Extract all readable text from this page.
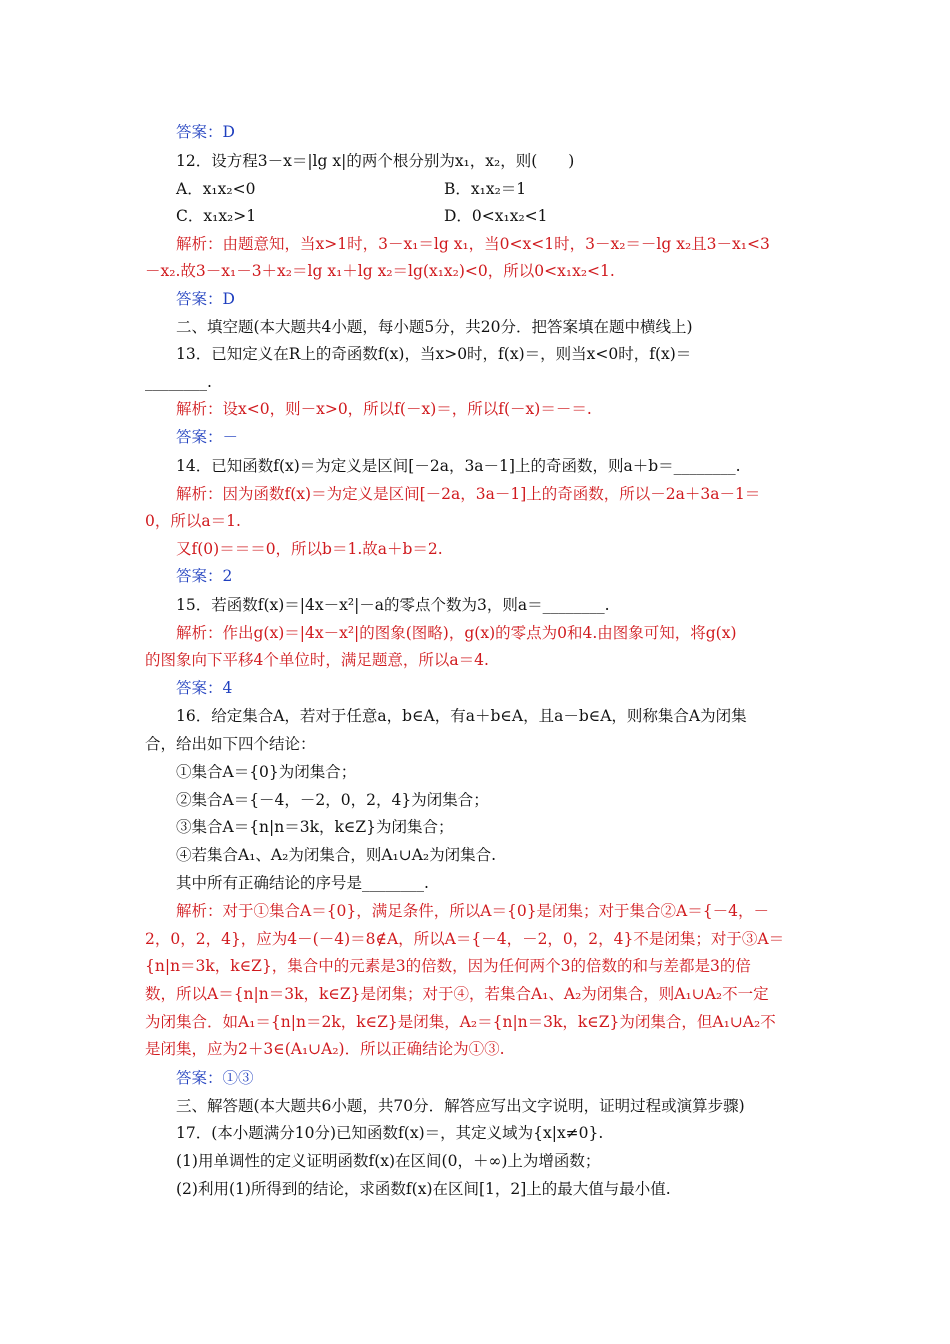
答案：D
12．设方程3－x＝|lg x|的两个根分别为x₁，x₂，则(　　)
A．x₁x₂<0	B．x₁x₂＝1
C．x₁x₂>1	D．0<x₁x₂<1
解析：由题意知，当x>1时，3－x₁＝lg x₁，当0<x<1时，3－x₂＝－lg x₂且3－x₁<3
－x₂.故3－x₁－3＋x₂＝lg x₁＋lg x₂＝lg(x₁x₂)<0，所以0<x₁x₂<1.
答案：D
二、填空题(本大题共4小题，每小题5分，共20分．把答案填在题中横线上)
13．已知定义在R上的奇函数f(x)，当x>0时，f(x)＝，则当x<0时，f(x)＝
________.
解析：设x<0，则－x>0，所以f(－x)＝，所以f(－x)＝－＝.
答案：－
14．已知函数f(x)＝为定义是区间[－2a，3a－1]上的奇函数，则a＋b＝________.
解析：因为函数f(x)＝为定义是区间[－2a，3a－1]上的奇函数，所以－2a＋3a－1＝
0，所以a＝1.
又f(0)＝＝＝0，所以b＝1.故a＋b＝2.
答案：2
15．若函数f(x)＝|4x－x²|－a的零点个数为3，则a＝________.
解析：作出g(x)＝|4x－x²|的图象(图略)，g(x)的零点为0和4.由图象可知，将g(x)
的图象向下平移4个单位时，满足题意，所以a＝4.
答案：4
16．给定集合A，若对于任意a，b∈A，有a＋b∈A，且a－b∈A，则称集合A为闭集
合，给出如下四个结论：
①集合A＝{0}为闭集合；
②集合A＝{－4，－2，0，2，4}为闭集合；
③集合A＝{n|n＝3k，k∈Z}为闭集合；
④若集合A₁、A₂为闭集合，则A₁∪A₂为闭集合.
其中所有正确结论的序号是________.
解析：对于①集合A＝{0}，满足条件，所以A＝{0}是闭集；对于集合②A＝{－4，－
2，0，2，4}，应为4－(－4)＝8∉A，所以A＝{－4，－2，0，2，4}不是闭集；对于③A＝
{n|n＝3k，k∈Z}，集合中的元素是3的倍数，因为任何两个3的倍数的和与差都是3的倍
数，所以A＝{n|n＝3k，k∈Z}是闭集；对于④，若集合A₁、A₂为闭集合，则A₁∪A₂不一定
为闭集合．如A₁＝{n|n＝2k，k∈Z}是闭集，A₂＝{n|n＝3k，k∈Z}为闭集合，但A₁∪A₂不
是闭集，应为2＋3∈(A₁∪A₂)．所以正确结论为①③.
答案：①③
三、解答题(本大题共6小题，共70分．解答应写出文字说明，证明过程或演算步骤)
17．(本小题满分10分)已知函数f(x)＝，其定义域为{x|x≠0}.
(1)用单调性的定义证明函数f(x)在区间(0，＋∞)上为增函数；
(2)利用(1)所得到的结论，求函数f(x)在区间[1，2]上的最大值与最小值.
